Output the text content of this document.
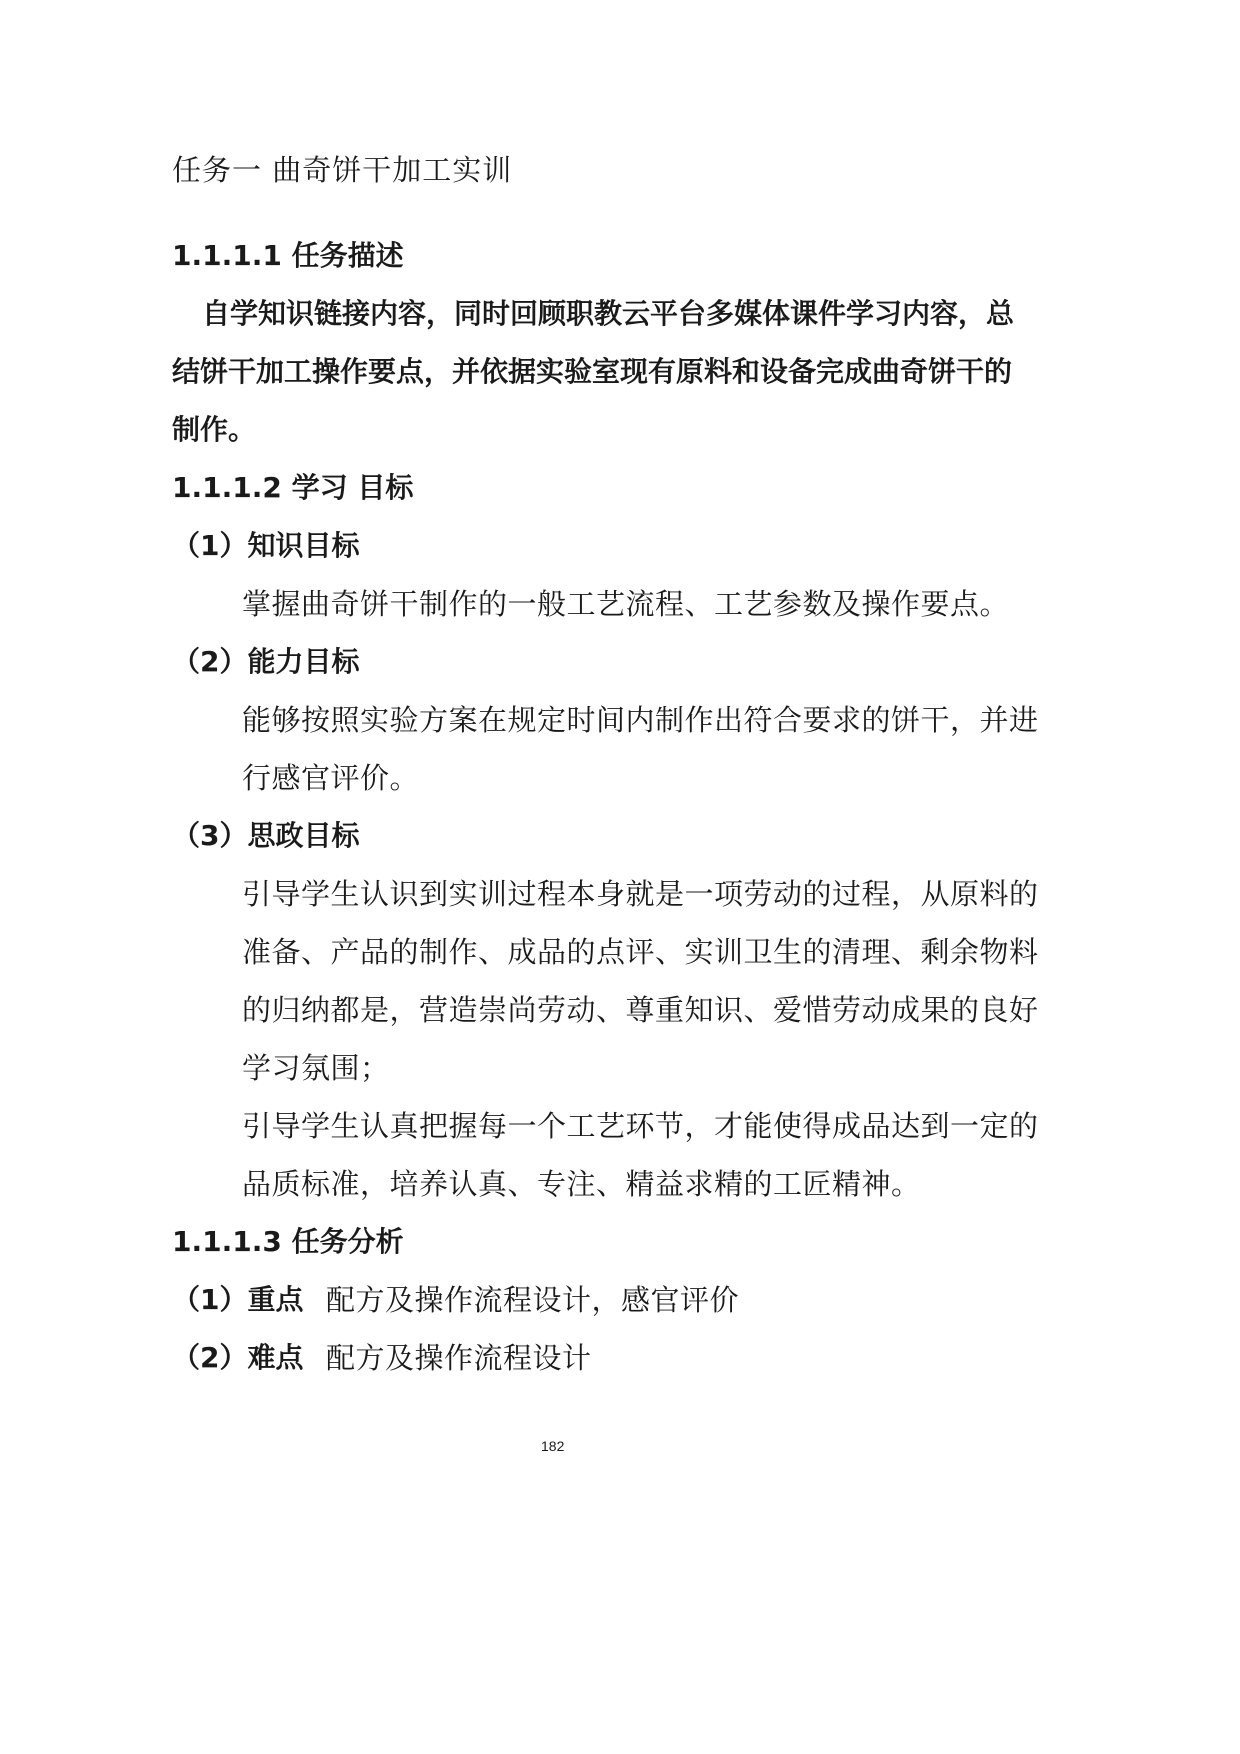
任务一 曲奇饼干加工实训
1.1.1.1 任务描述
自学知识链接内容，同时回顾职教云平台多媒体课件学习内容，总
结饼干加工操作要点，并依据实验室现有原料和设备完成曲奇饼干的
制作。
1.1.1.2 学习 目标
（1）知识目标
掌握曲奇饼干制作的一般工艺流程、工艺参数及操作要点。
（2）能力目标
能够按照实验方案在规定时间内制作出符合要求的饼干，并进
行感官评价。
（3）思政目标
引导学生认识到实训过程本身就是一项劳动的过程，从原料的
准备、产品的制作、成品的点评、实训卫生的清理、剩余物料
的归纳都是，营造崇尚劳动、尊重知识、爱惜劳动成果的良好
学习氛围；
引导学生认真把握每一个工艺环节，才能使得成品达到一定的
品质标准，培养认真、专注、精益求精的工匠精神。
1.1.1.3 任务分析
（1）重点 配方及操作流程设计，感官评价
（2）难点 配方及操作流程设计
182
